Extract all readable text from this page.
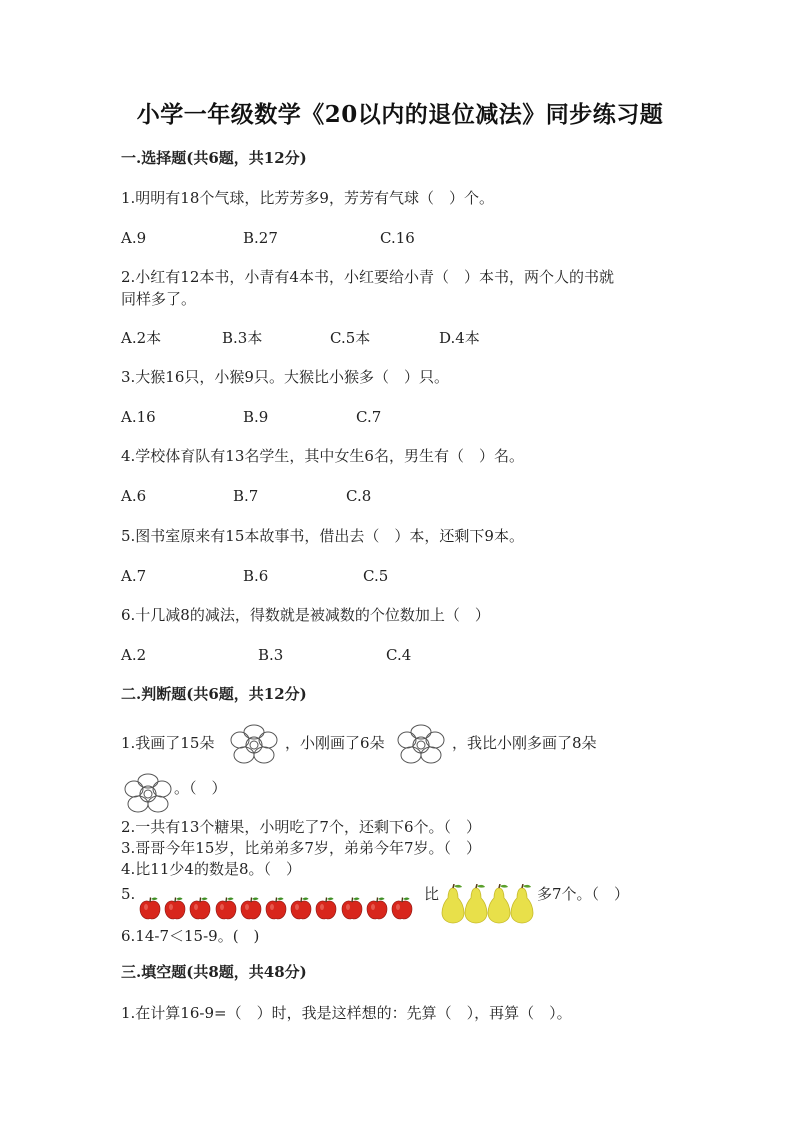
小学一年级数学《20以内的退位减法》同步练习题
一.选择题(共6题，共12分)
1.明明有18个气球，比芳芳多9，芳芳有气球（　）个。
A.9	B.27	C.16
2.小红有12本书，小青有4本书，小红要给小青（　）本书，两个人的书就
同样多了。
A.2本	B.3本	C.5本	D.4本
3.大猴16只，小猴9只。大猴比小猴多（　）只。
A.16	B.9	C.7
4.学校体育队有13名学生，其中女生6名，男生有（　）名。
A.6	B.7	C.8
5.图书室原来有15本故事书，借出去（　）本，还剩下9本。
A.7	B.6	C.5
6.十几减8的减法，得数就是被减数的个位数加上（　）
A.2	B.3	C.4
二.判断题(共6题，共12分)
1.我画了15朵	，小刚画了6朵	，我比小刚多画了8朵
。（　）
2.一共有13个糖果，小明吃了7个，还剩下6个。（　）
3.哥哥今年15岁，比弟弟多7岁，弟弟今年7岁。（　）
4.比11少4的数是8。（　）
5.	比	多7个。（　）
6.14-7＜15-9。(　)
三.填空题(共8题，共48分)
1.在计算16-9=（　）时，我是这样想的：先算（　），再算（　）。
